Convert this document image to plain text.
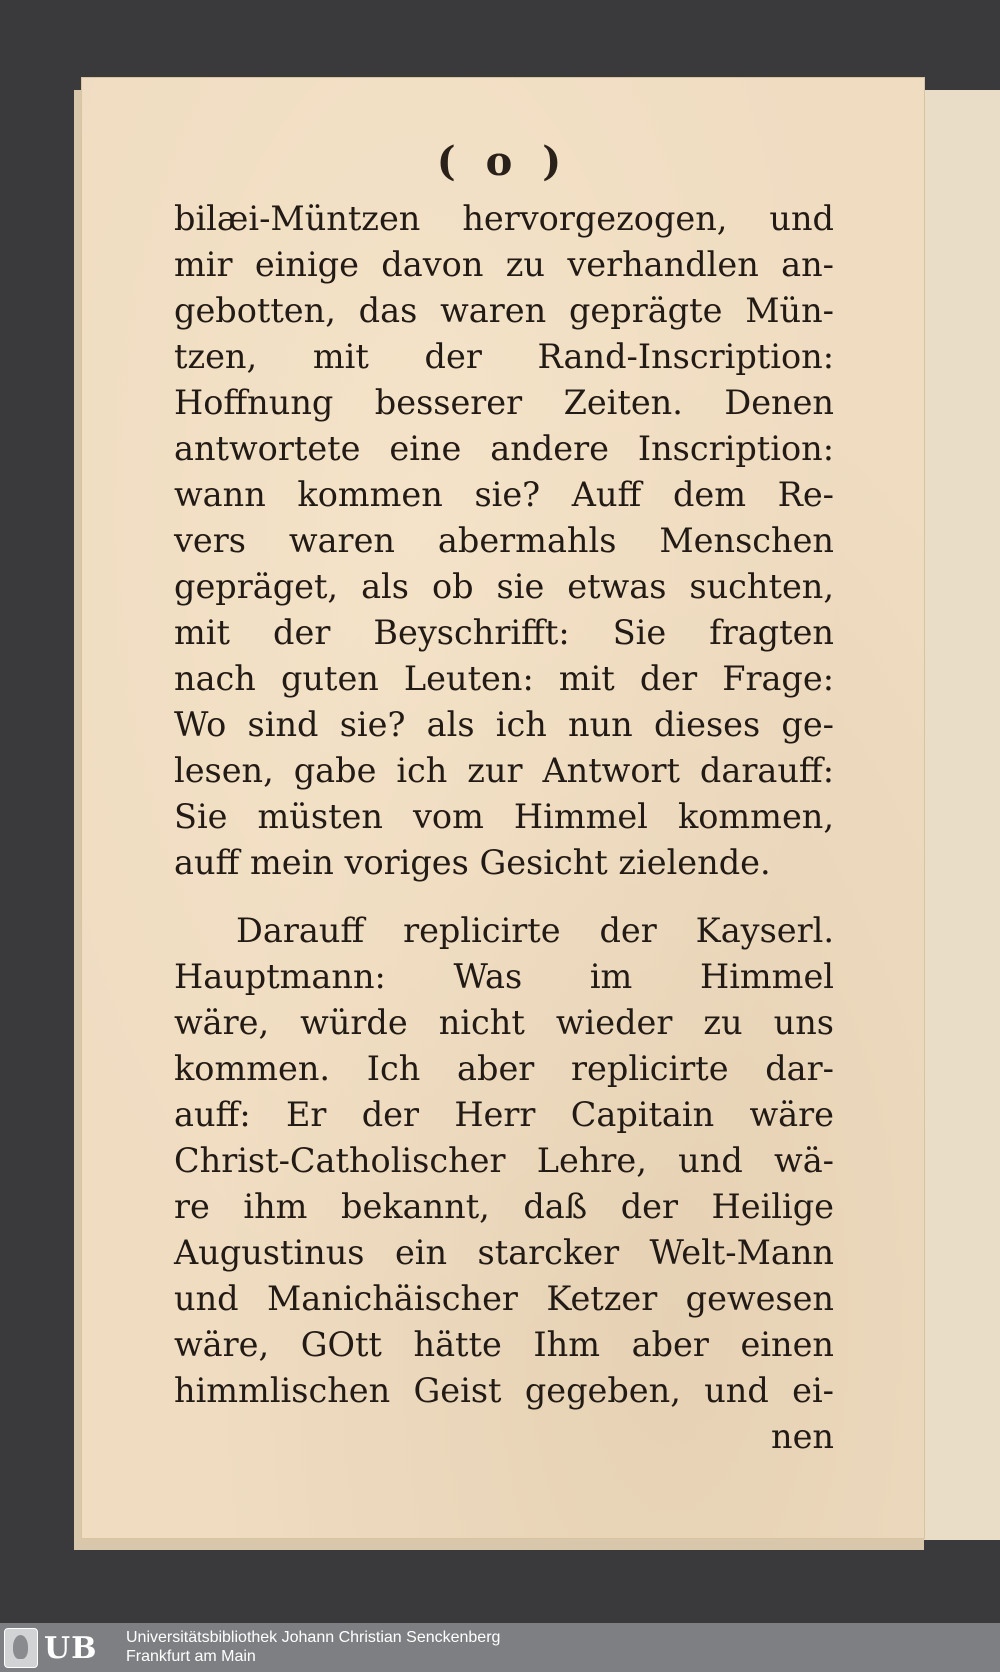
( o )
bilæi-Müntzen hervorgezogen, und
mir einige davon zu verhandlen an-
gebotten, das waren geprägte Mün-
tzen, mit der Rand-Inscription:
Hoffnung besserer Zeiten. Denen
antwortete eine andere Inscription:
wann kommen sie? Auff dem Re-
vers waren abermahls Menschen
gepräget, als ob sie etwas suchten,
mit der Beyschrifft: Sie fragten
nach guten Leuten: mit der Frage:
Wo sind sie? als ich nun dieses ge-
lesen, gabe ich zur Antwort darauff:
Sie müsten vom Himmel kommen,
auff mein voriges Gesicht zielende.
Darauff replicirte der Kayserl.
Hauptmann: Was im Himmel
wäre, würde nicht wieder zu uns
kommen. Ich aber replicirte dar-
auff: Er der Herr Capitain wäre
Christ-Catholischer Lehre, und wä-
re ihm bekannt, daß der Heilige
Augustinus ein starcker Welt-Mann
und Manichäischer Ketzer gewesen
wäre, GOtt hätte Ihm aber einen
himmlischen Geist gegeben, und ei-
nen
UB Universitätsbibliothek Johann Christian Senckenberg
Frankfurt am Main
